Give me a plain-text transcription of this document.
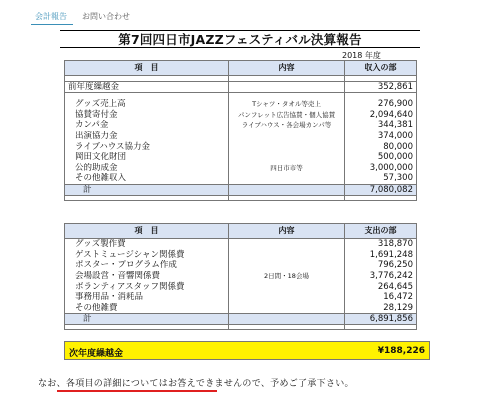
会計報告 お問い合わせ
第7回四日市JAZZフェスティバル決算報告
2018 年度
項　目	内容	収入の部

前年度繰越金		352,861

グッズ売上高	Tシャツ・タオル等売上	276,900
協賛寄付金	パンフレット広告協賛・個人協賛	2,094,640
カンパ金	ライブハウス・各会場カンパ等	344,381
出演協力金		374,000
ライブハウス協力金		80,000
岡田文化財団		500,000
公的助成金	四日市市等	3,000,000
その他雑収入		57,300
計		7,080,082

項　目	内容	支出の部
グッズ製作費		318,870
ゲストミュージシャン関係費		1,691,248
ポスター・プログラム作成		796,250
会場設営・音響関係費	2日間・18会場	3,776,242
ボランティアスタッフ関係費		264,645
事務用品・消耗品		16,472
その他雑費		28,129
計		6,891,856

次年度繰越金	¥188,226
なお、各項目の詳細についてはお答えできませんので、予めご了承下さい。
